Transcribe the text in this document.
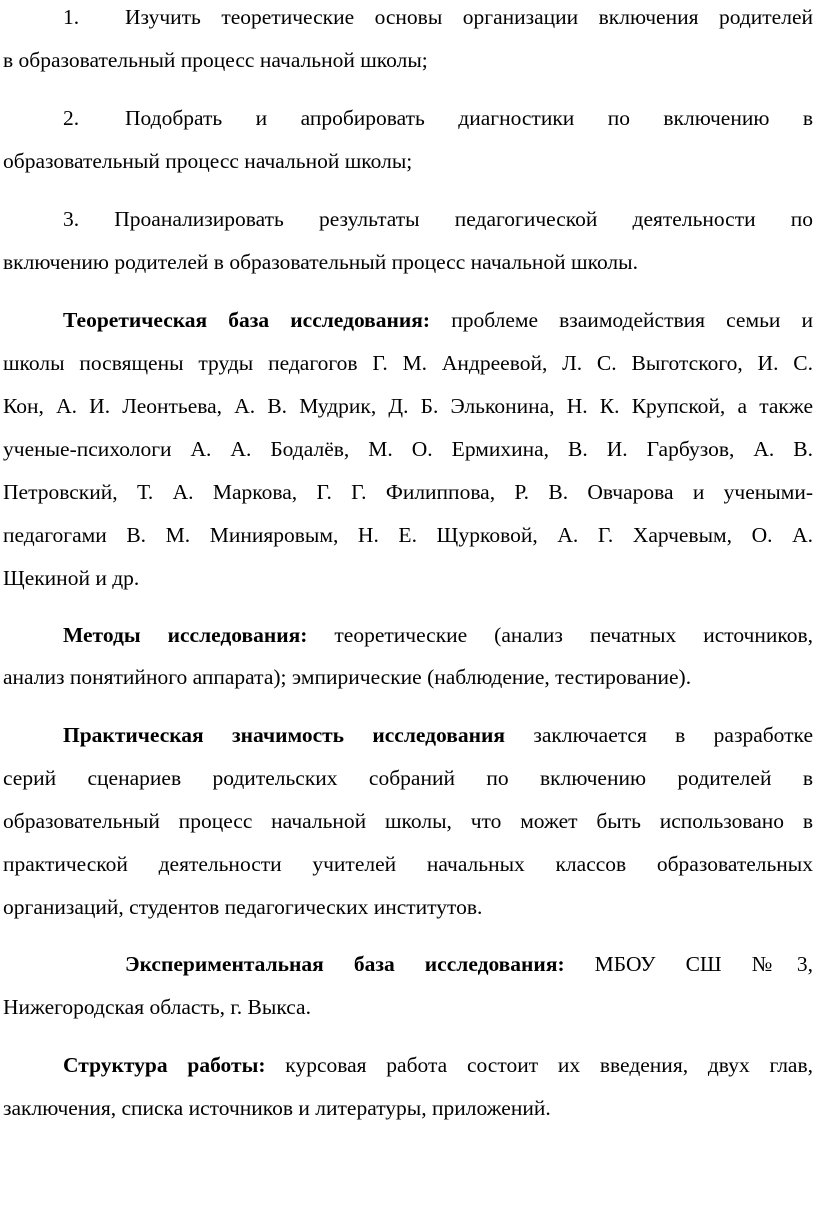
1. Изучить теоретические основы организации включения родителей
в образовательный процесс начальной школы;
2. Подобрать и апробировать диагностики по включению в
образовательный процесс начальной школы;
3. Проанализировать результаты педагогической деятельности по
включению родителей в образовательный процесс начальной школы.
Теоретическая база исследования: проблеме взаимодействия семьи и
школы посвящены труды педагогов Г. М. Андреевой, Л. С. Выготского, И. С.
Кон, А. И. Леонтьева, А. В. Мудрик, Д. Б. Эльконина, Н. К. Крупской, а также
ученые-психологи А. А. Бодалёв, М. О. Ермихина, В. И. Гарбузов, А. В.
Петровский, Т. А. Маркова, Г. Г. Филиппова, Р. В. Овчарова и учеными-
педагогами В. М. Минияровым, Н. Е. Щурковой, А. Г. Харчевым, О. А.
Щекиной и др.
Методы исследования: теоретические (анализ печатных источников,
анализ понятийного аппарата); эмпирические (наблюдение, тестирование).
Практическая значимость исследования заключается в разработке
серий сценариев родительских собраний по включению родителей в
образовательный процесс начальной школы, что может быть использовано в
практической деятельности учителей начальных классов образовательных
организаций, студентов педагогических институтов.
Экспериментальная база исследования: МБОУ СШ №3,
Нижегородская область, г. Выкса.
Структура работы: курсовая работа состоит их введения, двух глав,
заключения, списка источников и литературы, приложений.
